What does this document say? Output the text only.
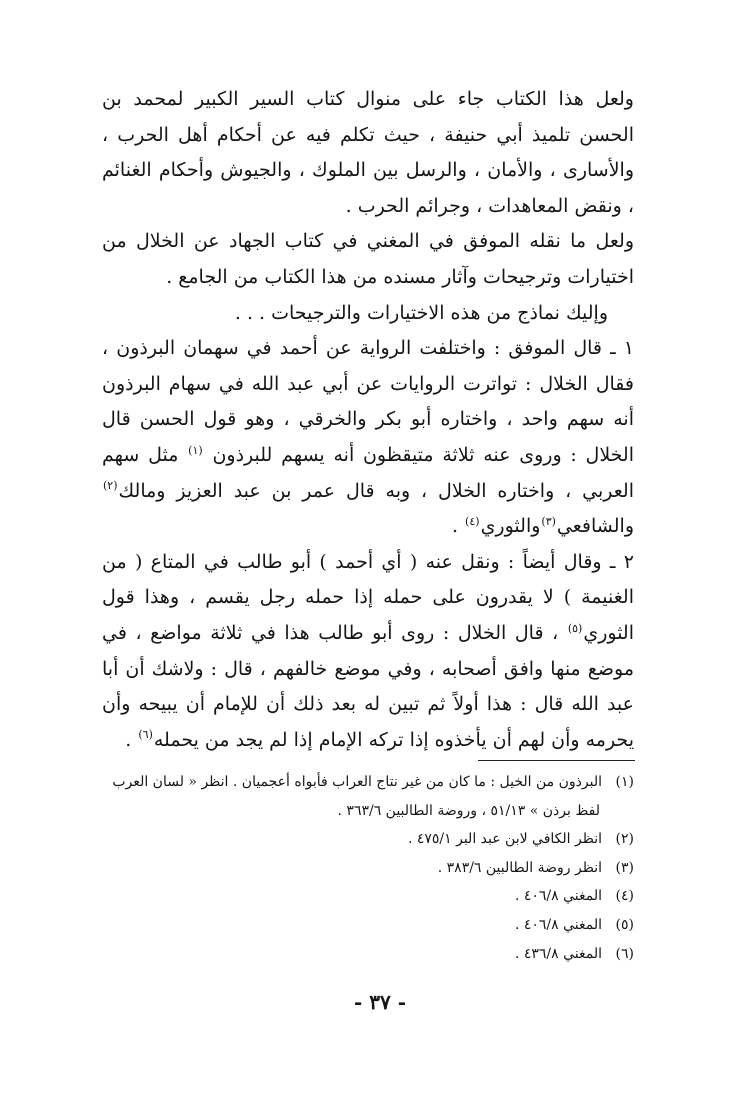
ولعل هذا الكتاب جاء على منوال كتاب السير الكبير لمحمد بن الحسن تلميذ أبي حنيفة ، حيث تكلم فيه عن أحكام أهل الحرب ، والأسارى ، والأمان ، والرسل بين الملوك ، والجيوش وأحكام الغنائم ، ونقض المعاهدات ، وجرائم الحرب .

ولعل ما نقله الموفق في المغني في كتاب الجهاد عن الخلال من اختيارات وترجيحات وآثار مسنده من هذا الكتاب من الجامع .

وإليك نماذج من هذه الاختيارات والترجيحات . . .

١ ـ قال الموفق : واختلفت الرواية عن أحمد في سهمان البرذون ، فقال الخلال : تواترت الروايات عن أبي عبد الله في سهام البرذون أنه سهم واحد ، واختاره أبو بكر والخرقي ، وهو قول الحسن قال الخلال : وروى عنه ثلاثة متيقظون أنه يسهم للبرذون $^{(١)}$ مثل سهم العربي ، واختاره الخلال ، وبه قال عمر بن عبد العزيز ومالك$^{(٢)}$ والشافعي$^{(٣)}$والثوري$^{(٤)}$ .

٢ ـ وقال أيضاً : ونقل عنه ( أي أحمد ) أبو طالب في المتاع ( من الغنيمة ) لا يقدرون على حمله إذا حمله رجل يقسم ، وهذا قول الثوري$^{(٥)}$ ، قال الخلال : روى أبو طالب هذا في ثلاثة مواضع ، في موضع منها وافق أصحابه ، وفي موضع خالفهم ، قال : ولاشك أن أبا عبد الله قال : هذا أولاً ثم تبين له بعد ذلك أن للإمام أن يبيحه وأن يحرمه وأن لهم أن يأخذوه إذا تركه الإمام إذا لم يجد من يحمله$^{(٦)}$ .

(١)البرذون من الخيل : ما كان من غير نتاج العراب فأبواه أعجميان . انظر « لسان العرب

لفظ برذن » ٥١/١٣ ، وروضة الطالبين ٣٦٣/٦ .

(٢)انظر الكافي لابن عبد البر ٤٧٥/١ .

(٣)انظر روضة الطالبين ٣٨٣/٦ .

(٤)المغني ٤٠٦/٨ .

(٥)المغني ٤٠٦/٨ .

(٦)المغني ٤٣٦/٨ .

- ٣٧ -
